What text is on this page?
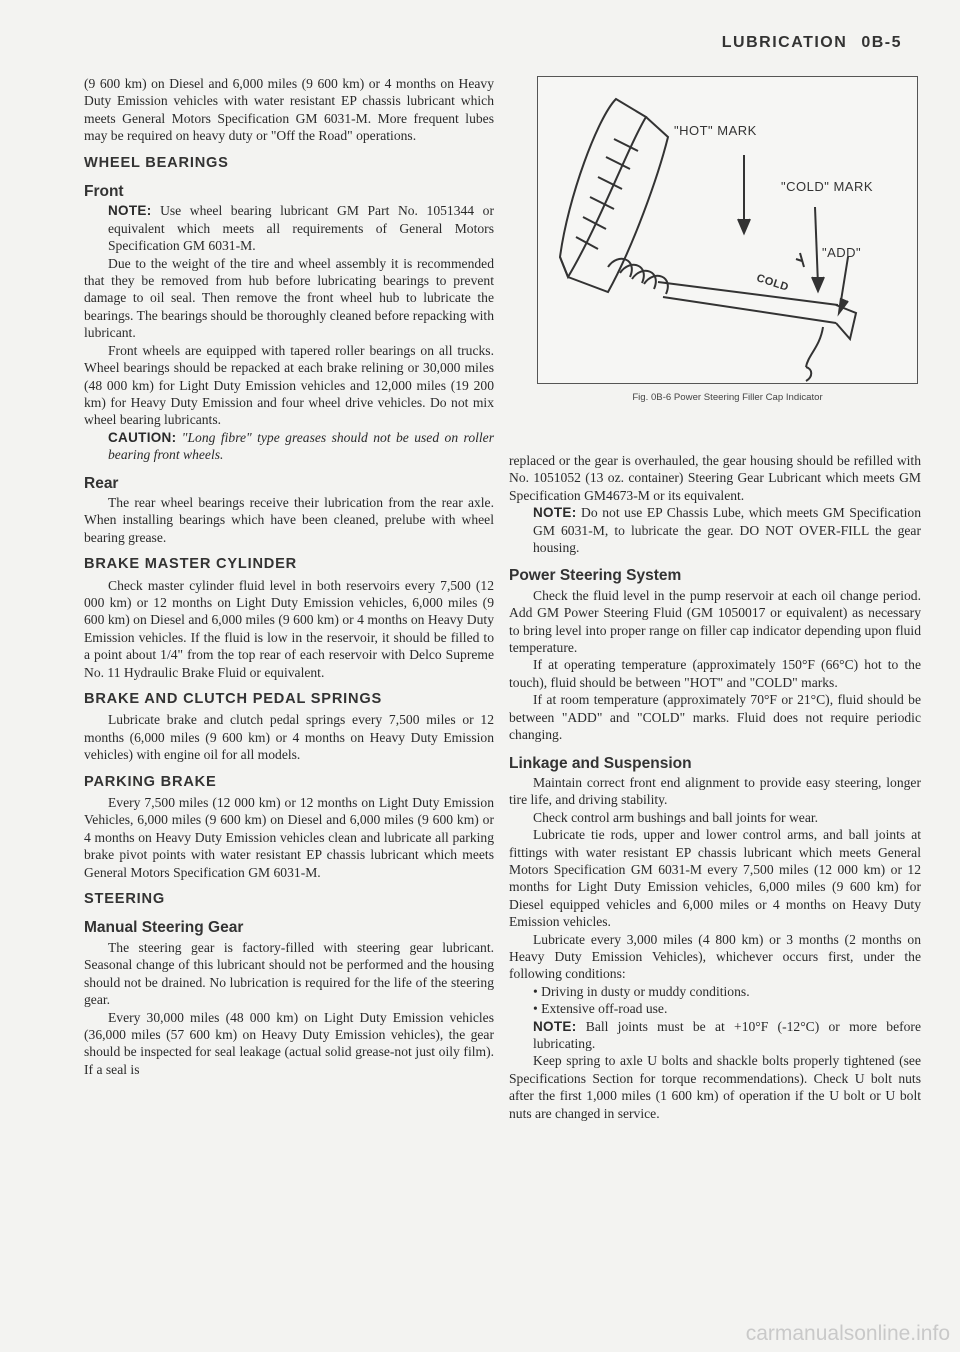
LUBRICATION 0B-5

(9 600 km) on Diesel and 6,000 miles (9 600 km) or 4 months on Heavy Duty Emission vehicles with water resistant EP chassis lubricant which meets General Motors Specification GM 6031-M. More frequent lubes may be required on heavy duty or "Off the Road" operations.

WHEEL BEARINGS
Front

NOTE: Use wheel bearing lubricant GM Part No. 1051344 or equivalent which meets all requirements of General Motors Specification GM 6031-M.

Due to the weight of the tire and wheel assembly it is recommended that they be removed from hub before lubricating bearings to prevent damage to oil seal. Then remove the front wheel hub to lubricate the bearings. The bearings should be thoroughly cleaned before repacking with lubricant.

Front wheels are equipped with tapered roller bearings on all trucks. Wheel bearings should be repacked at each brake relining or 30,000 miles (48 000 km) for Light Duty Emission vehicles and 12,000 miles (19 200 km) for Heavy Duty Emission and four wheel drive vehicles. Do not mix wheel bearing lubricants.

CAUTION: "Long fibre" type greases should not be used on roller bearing front wheels.

Rear

The rear wheel bearings receive their lubrication from the rear axle. When installing bearings which have been cleaned, prelube with wheel bearing grease.

BRAKE MASTER CYLINDER

Check master cylinder fluid level in both reservoirs every 7,500 (12 000 km) or 12 months on Light Duty Emission vehicles, 6,000 miles (9 600 km) on Diesel and 6,000 miles (9 600 km) or 4 months on Heavy Duty Emission vehicles. If the fluid is low in the reservoir, it should be filled to a point about 1/4" from the top rear of each reservoir with Delco Supreme No. 11 Hydraulic Brake Fluid or equivalent.

BRAKE AND CLUTCH PEDAL SPRINGS

Lubricate brake and clutch pedal springs every 7,500 miles or 12 months (6,000 miles (9 600 km) or 4 months on Heavy Duty Emission vehicles) with engine oil for all models.

PARKING BRAKE

Every 7,500 miles (12 000 km) or 12 months on Light Duty Emission Vehicles, 6,000 miles (9 600 km) on Diesel and 6,000 miles (9 600 km) or 4 months on Heavy Duty Emission vehicles clean and lubricate all parking brake pivot points with water resistant EP chassis lubricant which meets General Motors Specification GM 6031-M.

STEERING
Manual Steering Gear

The steering gear is factory-filled with steering gear lubricant. Seasonal change of this lubricant should not be performed and the housing should not be drained. No lubrication is required for the life of the steering gear.

Every 30,000 miles (48 000 km) on Light Duty Emission vehicles (36,000 miles (57 600 km) on Heavy Duty Emission vehicles), the gear should be inspected for seal leakage (actual solid grease-not just oily film). If a seal is

"HOT" MARK
"COLD" MARK
"ADD"
COLD
Fig. 0B-6 Power Steering Filler Cap Indicator

replaced or the gear is overhauled, the gear housing should be refilled with No. 1051052 (13 oz. container) Steering Gear Lubricant which meets GM Specification GM4673-M or its equivalent.

NOTE: Do not use EP Chassis Lube, which meets GM Specification GM 6031-M, to lubricate the gear. DO NOT OVER-FILL the gear housing.

Power Steering System

Check the fluid level in the pump reservoir at each oil change period. Add GM Power Steering Fluid (GM 1050017 or equivalent) as necessary to bring level into proper range on filler cap indicator depending upon fluid temperature.

If at operating temperature (approximately 150°F (66°C) hot to the touch), fluid should be between "HOT" and "COLD" marks.

If at room temperature (approximately 70°F or 21°C), fluid should be between "ADD" and "COLD" marks. Fluid does not require periodic changing.

Linkage and Suspension

Maintain correct front end alignment to provide easy steering, longer tire life, and driving stability.

Check control arm bushings and ball joints for wear.

Lubricate tie rods, upper and lower control arms, and ball joints at fittings with water resistant EP chassis lubricant which meets General Motors Specification GM 6031-M every 7,500 miles (12 000 km) or 12 months for Light Duty Emission vehicles, 6,000 miles (9 600 km) for Diesel equipped vehicles and 6,000 miles or 4 months on Heavy Duty Emission vehicles.

Lubricate every 3,000 miles (4 800 km) or 3 months (2 months on Heavy Duty Emission Vehicles), whichever occurs first, under the following conditions:

• Driving in dusty or muddy conditions.

• Extensive off-road use.

NOTE: Ball joints must be at +10°F (-12°C) or more before lubricating.

Keep spring to axle U bolts and shackle bolts properly tightened (see Specifications Section for torque recommendations). Check U bolt nuts after the first 1,000 miles (1 600 km) of operation if the U bolt or U bolt nuts are changed in service.

carmanualsonline.info
